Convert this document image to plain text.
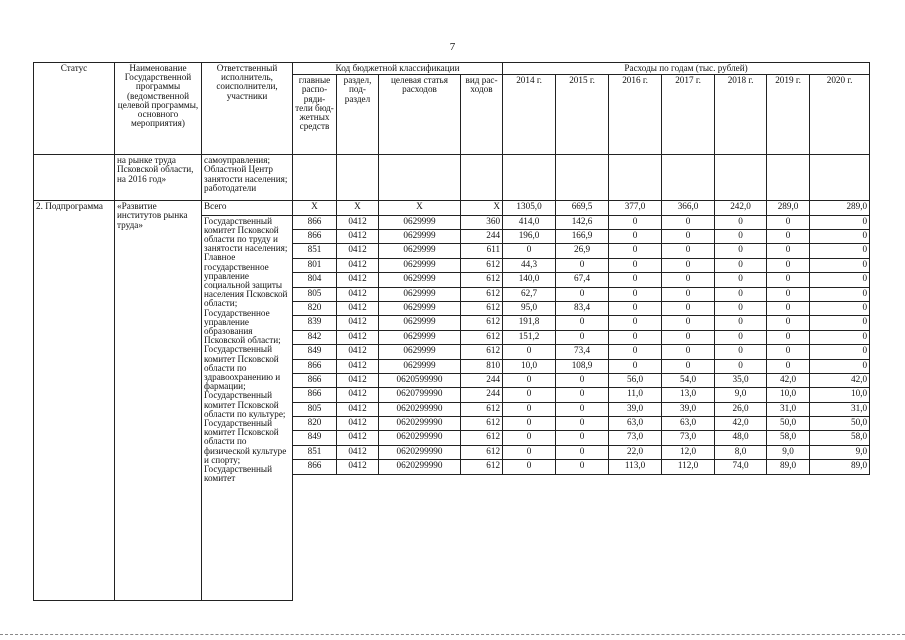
7
Статус	Наименование Государственной программы (ведомственной целевой программы, основного мероприятия)	Ответственный исполнитель, соисполнители, участники	Код бюджетной классификации				Расходы по годам (тыс. рублей)						
			главные распо- ряди- тели бюд- жетных средств	раздел, под- раздел	целевая статья расходов	вид рас- ходов	2014 г.	2015 г.	2016 г.	2017 г.	2018 г.	2019 г.	2020 г.
	на рынке труда Псковской области, на 2016 год»	самоуправления; Областной Центр занятости населения; работодатели											
2. Подпрограмма	«Развитие институтов рынка труда»	Всего	X	X	X	X	1305,0	669,5	377,0	366,0	242,0	289,0	289,0
		Государственный комитет Псковской области по труду и занятости населения; Главное государственное управление социальной защиты населения Псковской области; Государственное управление образования Псковской области; Государственный комитет Псковской области по здравоохранению и фармации; Государственный комитет Псковской области по культуре; Государственный комитет Псковской области по физической культуре и спорту; Государственный комитет	866	0412	0629999	360	414,0	142,6	0	0	0	0	0
			866	0412	0629999	244	196,0	166,9	0	0	0	0	0
			851	0412	0629999	611	0	26,9	0	0	0	0	0
			801	0412	0629999	612	44,3	0	0	0	0	0	0
			804	0412	0629999	612	140,0	67,4	0	0	0	0	0
			805	0412	0629999	612	62,7	0	0	0	0	0	0
			820	0412	0629999	612	95,0	83,4	0	0	0	0	0
			839	0412	0629999	612	191,8	0	0	0	0	0	0
			842	0412	0629999	612	151,2	0	0	0	0	0	0
			849	0412	0629999	612	0	73,4	0	0	0	0	0
			866	0412	0629999	810	10,0	108,9	0	0	0	0	0
			866	0412	0620599990	244	0	0	56,0	54,0	35,0	42,0	42,0
			866	0412	0620799990	244	0	0	11,0	13,0	9,0	10,0	10,0
			805	0412	0620299990	612	0	0	39,0	39,0	26,0	31,0	31,0
			820	0412	0620299990	612	0	0	63,0	63,0	42,0	50,0	50,0
			849	0412	0620299990	612	0	0	73,0	73,0	48,0	58,0	58,0
			851	0412	0620299990	612	0	0	22,0	12,0	8,0	9,0	9,0
			866	0412	0620299990	612	0	0	113,0	112,0	74,0	89,0	89,0
